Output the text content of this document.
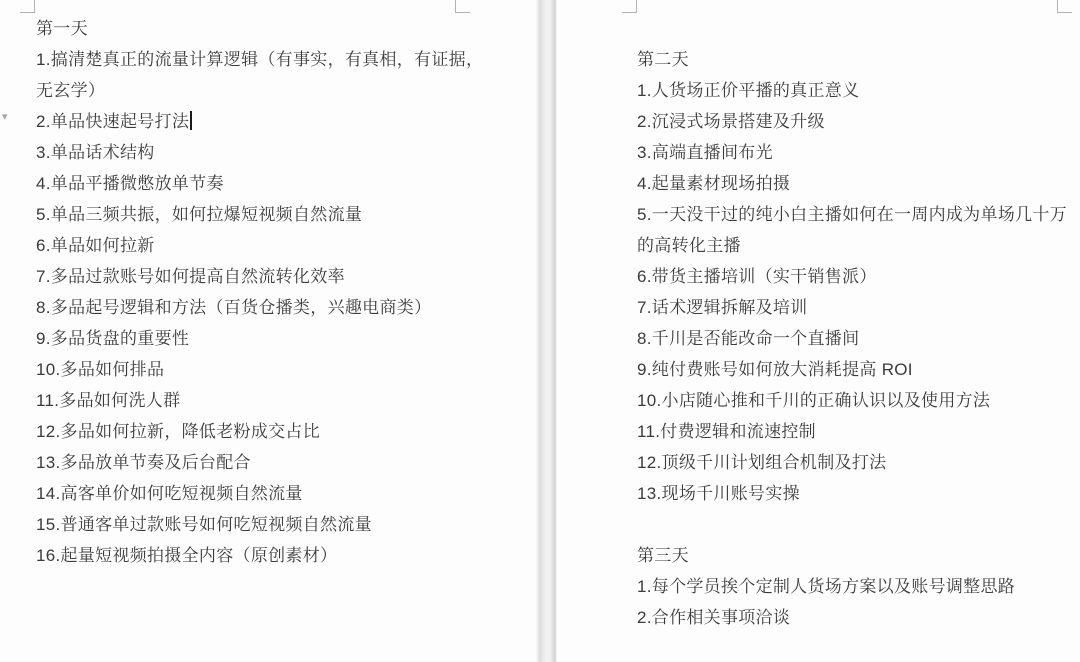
第一天
1.搞清楚真正的流量计算逻辑（有事实，有真相，有证据，
无玄学）
2.单品快速起号打法
3.单品话术结构
4.单品平播微憋放单节奏
5.单品三频共振，如何拉爆短视频自然流量
6.单品如何拉新
7.多品过款账号如何提高自然流转化效率
8.多品起号逻辑和方法（百货仓播类，兴趣电商类）
9.多品货盘的重要性
10.多品如何排品
11.多品如何洗人群
12.多品如何拉新，降低老粉成交占比
13.多品放单节奏及后台配合
14.高客单价如何吃短视频自然流量
15.普通客单过款账号如何吃短视频自然流量
16.起量短视频拍摄全内容（原创素材）
第二天
1.人货场正价平播的真正意义
2.沉浸式场景搭建及升级
3.高端直播间布光
4.起量素材现场拍摄
5.一天没干过的纯小白主播如何在一周内成为单场几十万
的高转化主播
6.带货主播培训（实干销售派）
7.话术逻辑拆解及培训
8.千川是否能改命一个直播间
9.纯付费账号如何放大消耗提高 ROI
10.小店随心推和千川的正确认识以及使用方法
11.付费逻辑和流速控制
12.顶级千川计划组合机制及打法
13.现场千川账号实操
第三天
1.每个学员挨个定制人货场方案以及账号调整思路
2.合作相关事项洽谈
▾
